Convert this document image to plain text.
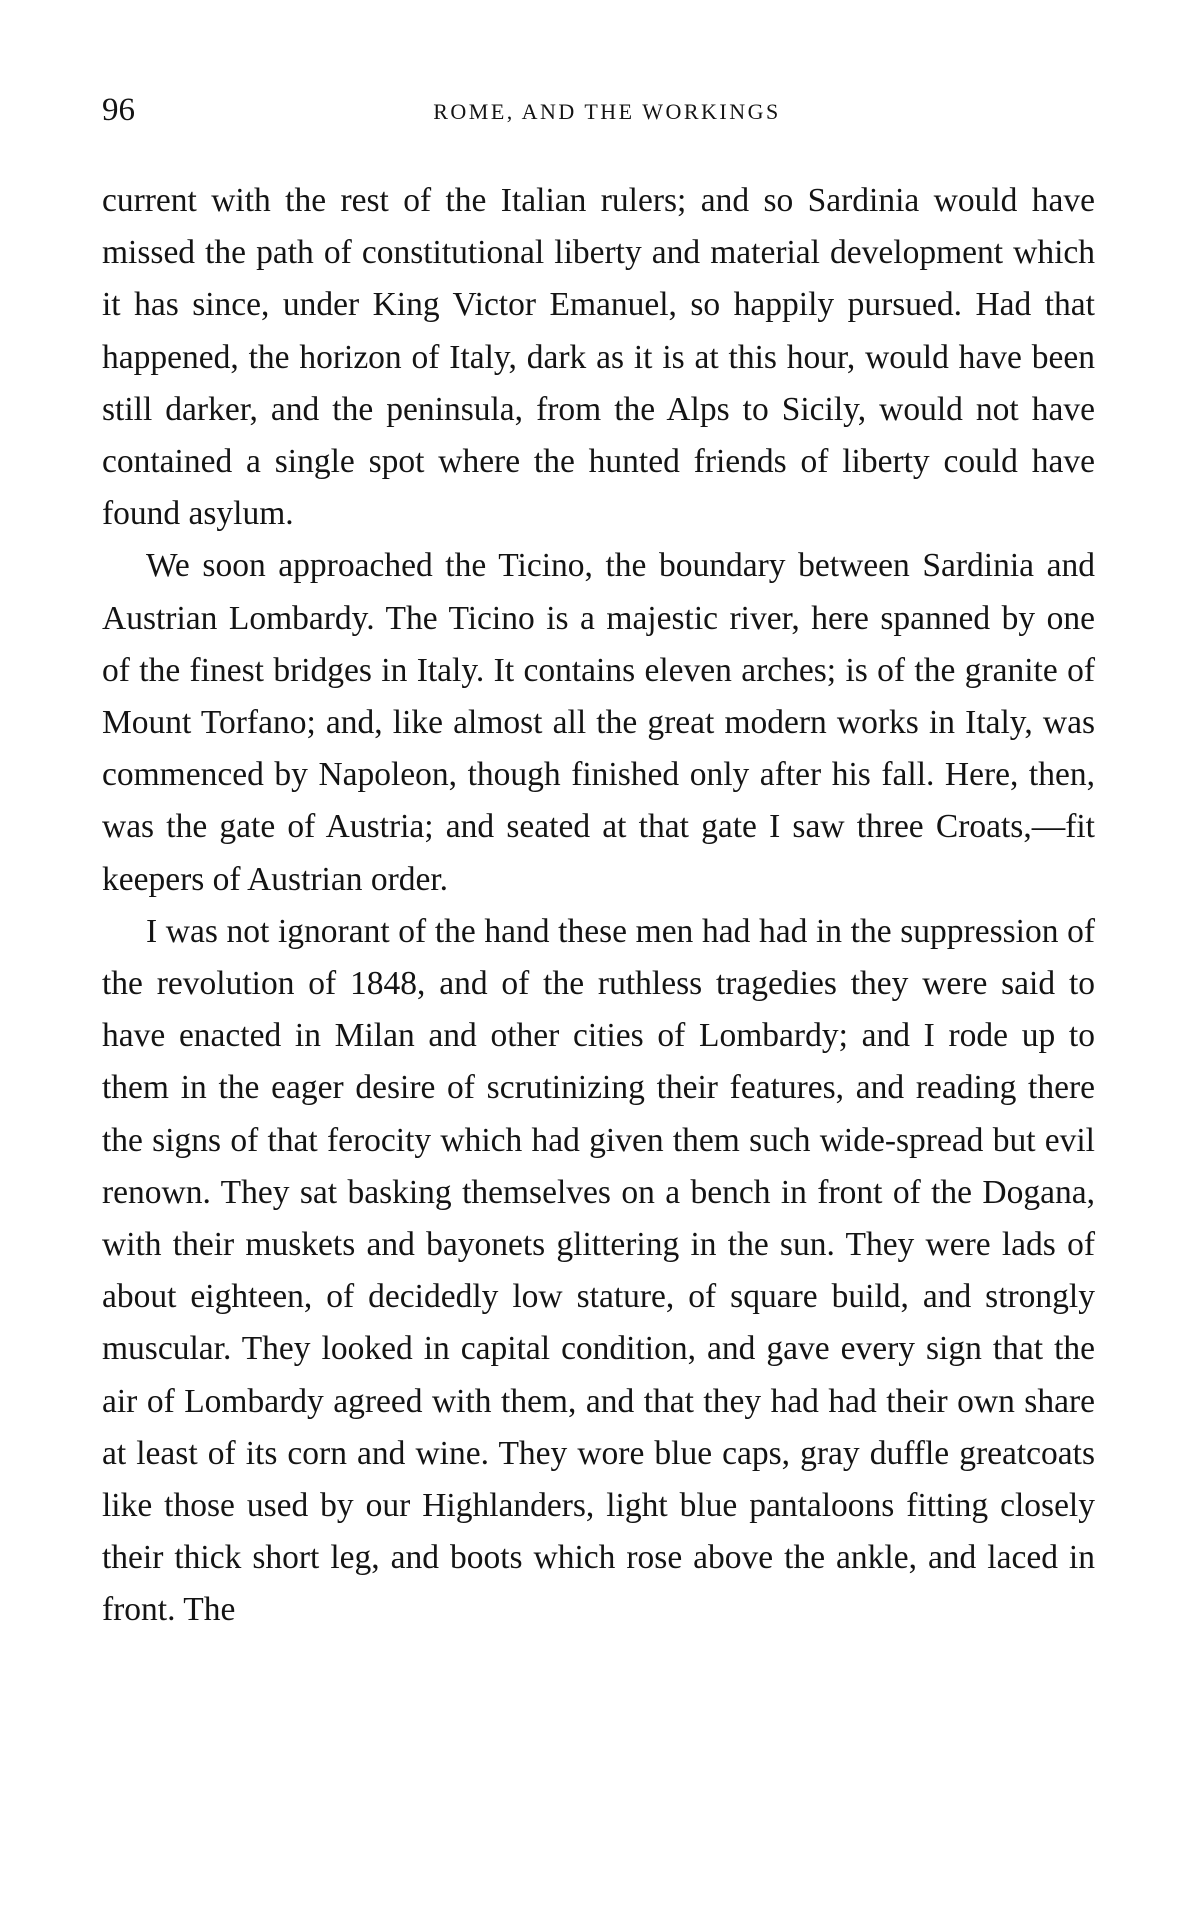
96	ROME, AND THE WORKINGS

current with the rest of the Italian rulers; and so Sardinia would have missed the path of constitutional liberty and material development which it has since, under King Victor Emanuel, so happily pursued. Had that happened, the horizon of Italy, dark as it is at this hour, would have been still darker, and the peninsula, from the Alps to Sicily, would not have contained a single spot where the hunted friends of liberty could have found asylum.

We soon approached the Ticino, the boundary between Sardinia and Austrian Lombardy. The Ticino is a majestic river, here spanned by one of the finest bridges in Italy. It contains eleven arches; is of the granite of Mount Torfano; and, like almost all the great modern works in Italy, was commenced by Napoleon, though finished only after his fall. Here, then, was the gate of Austria; and seated at that gate I saw three Croats,—fit keepers of Austrian order.

I was not ignorant of the hand these men had had in the suppression of the revolution of 1848, and of the ruthless tragedies they were said to have enacted in Milan and other cities of Lombardy; and I rode up to them in the eager desire of scrutinizing their features, and reading there the signs of that ferocity which had given them such wide-spread but evil renown. They sat basking themselves on a bench in front of the Dogana, with their muskets and bayonets glittering in the sun. They were lads of about eighteen, of decidedly low stature, of square build, and strongly muscular. They looked in capital condition, and gave every sign that the air of Lombardy agreed with them, and that they had had their own share at least of its corn and wine. They wore blue caps, gray duffle greatcoats like those used by our Highlanders, light blue pantaloons fitting closely their thick short leg, and boots which rose above the ankle, and laced in front. The
